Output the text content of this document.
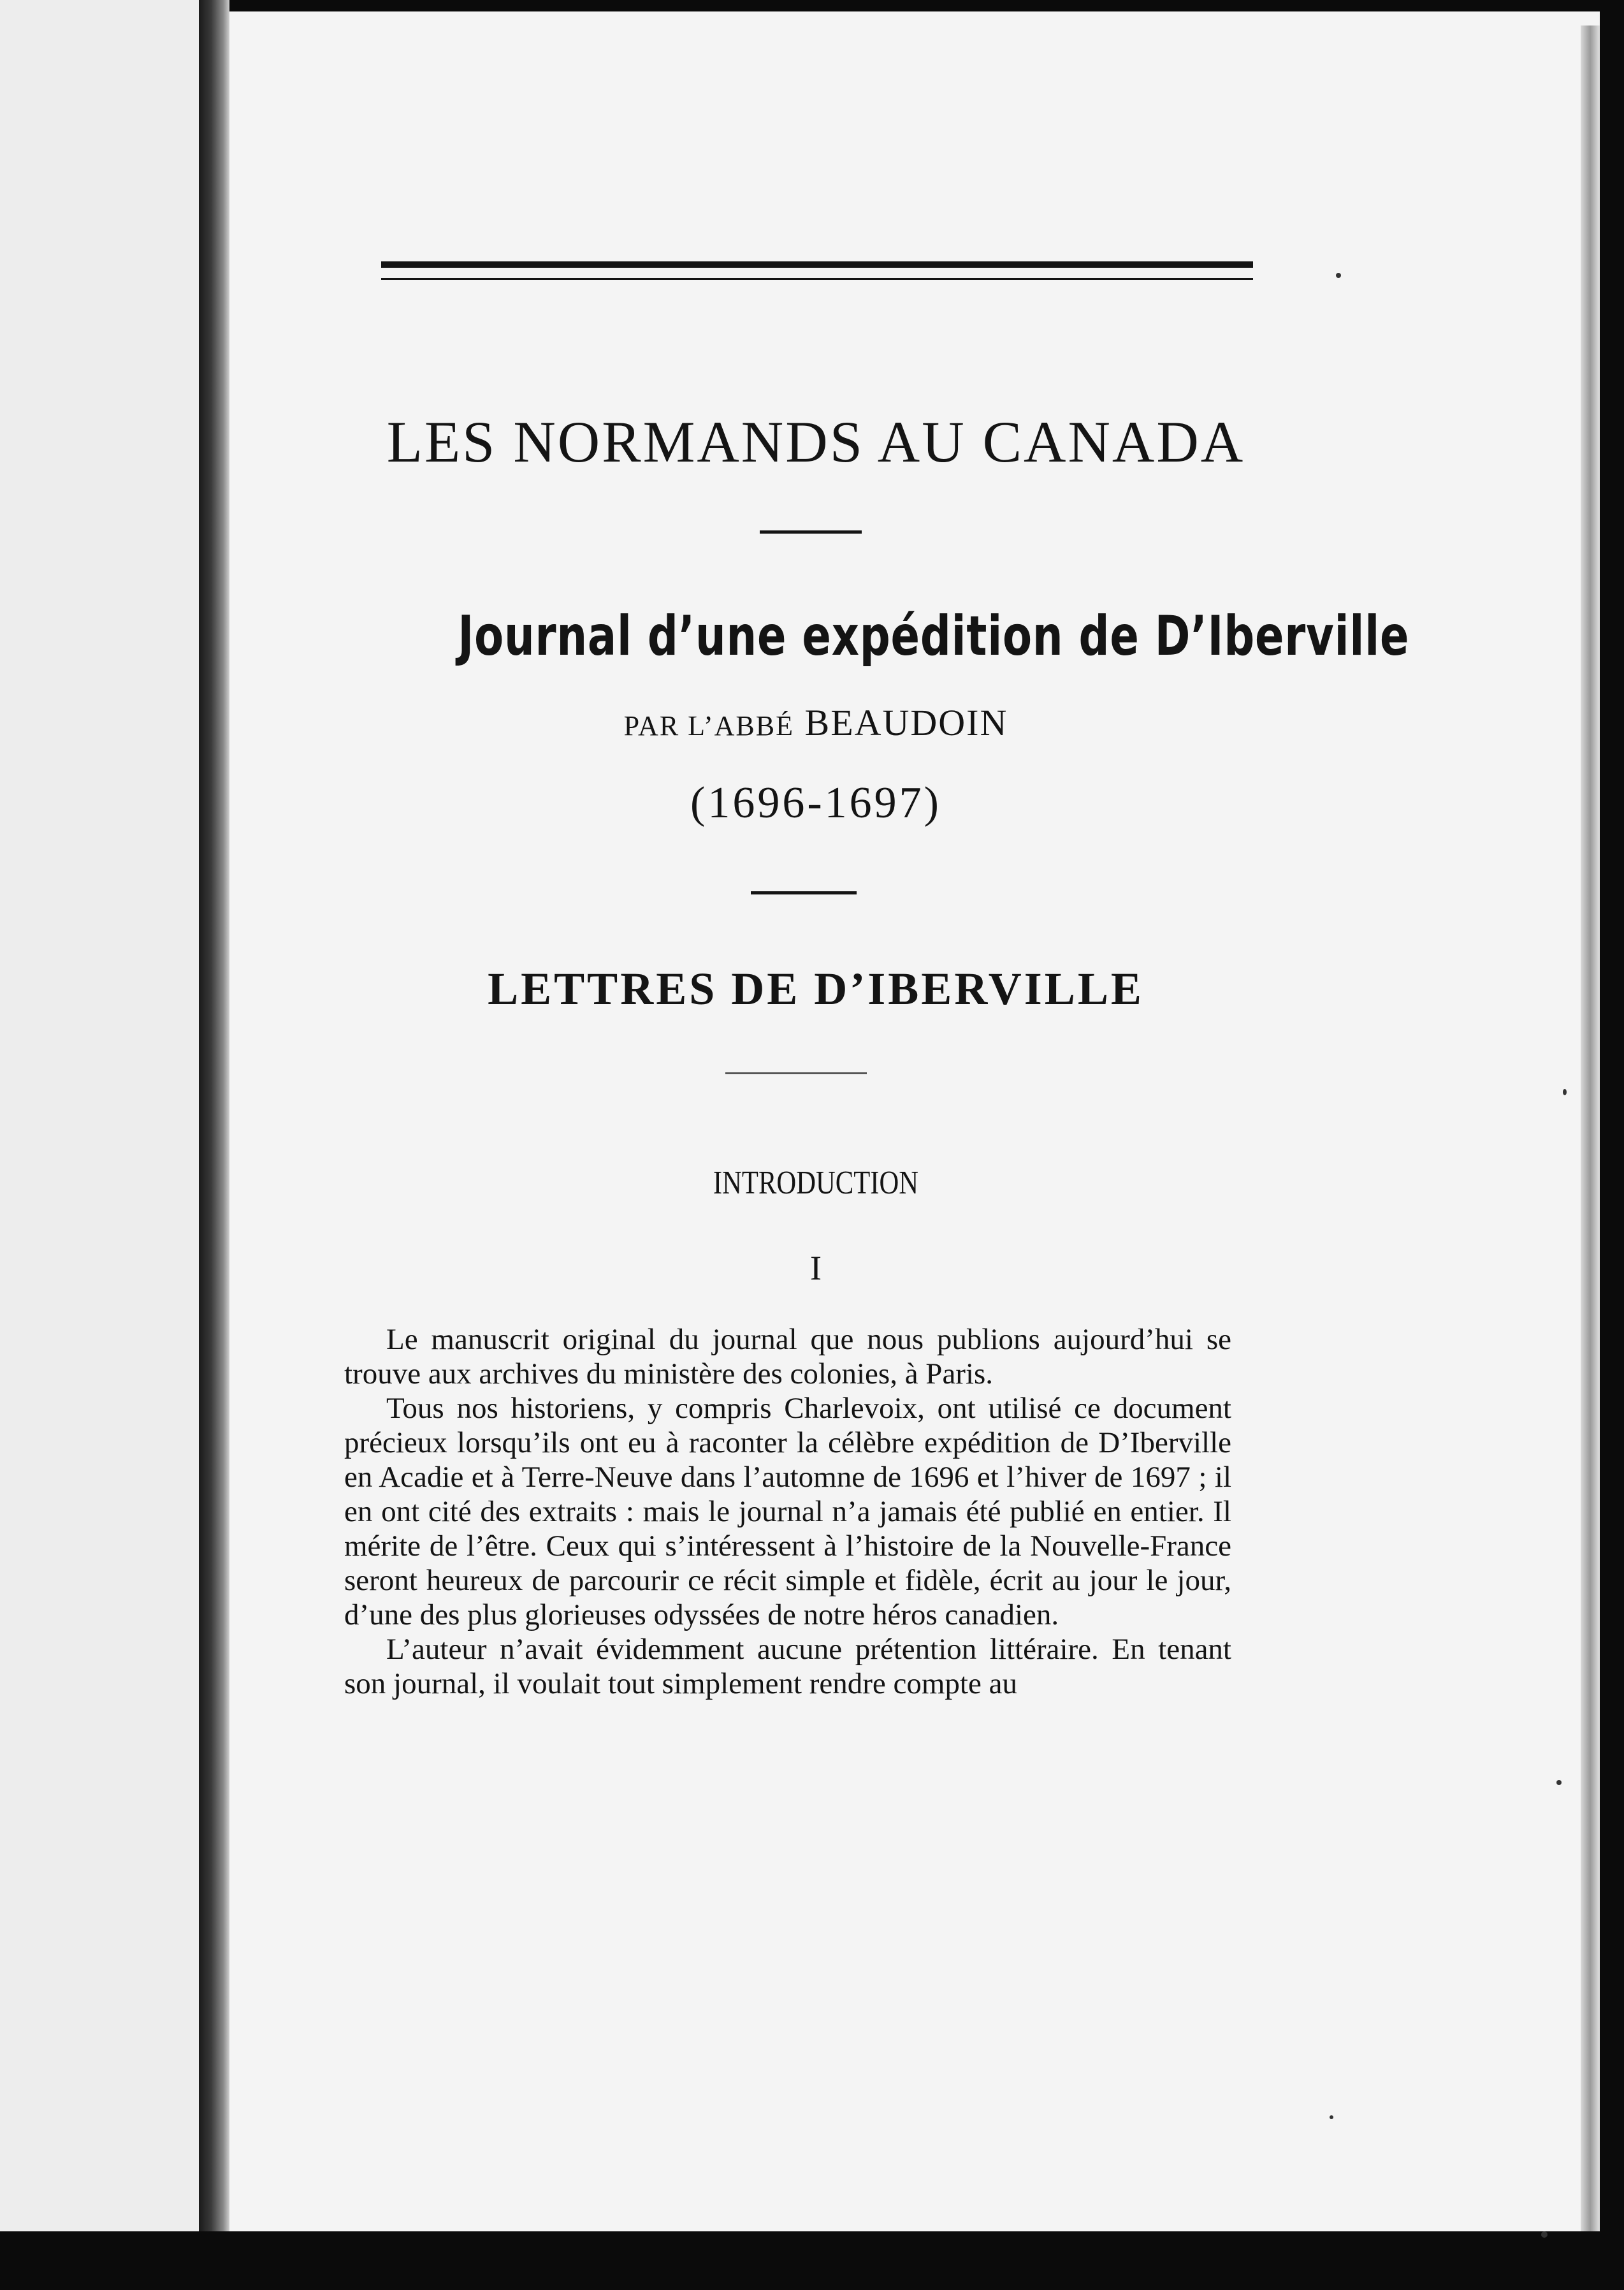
LES NORMANDS AU CANADA
Journal d’une expédition de D’Iberville
PAR L’ABBÉ BEAUDOIN
(1696-1697)
LETTRES DE D’IBERVILLE
INTRODUCTION
I

Le manuscrit original du journal que nous publions aujourd’hui se trouve aux archives du ministère des colonies, à Paris.

Tous nos historiens, y compris Charlevoix, ont utilisé ce document précieux lorsqu’ils ont eu à raconter la célèbre expédition de D’Iberville en Acadie et à Terre-Neuve dans l’automne de 1696 et l’hiver de 1697 ; il en ont cité des extraits : mais le journal n’a jamais été publié en entier. Il mérite de l’être. Ceux qui s’intéressent à l’histoire de la Nouvelle-France seront heureux de parcourir ce récit simple et fidèle, écrit au jour le jour, d’une des plus glorieuses odyssées de notre héros canadien.

L’auteur n’avait évidemment aucune prétention littéraire. En tenant son journal, il voulait tout simplement rendre compte au
